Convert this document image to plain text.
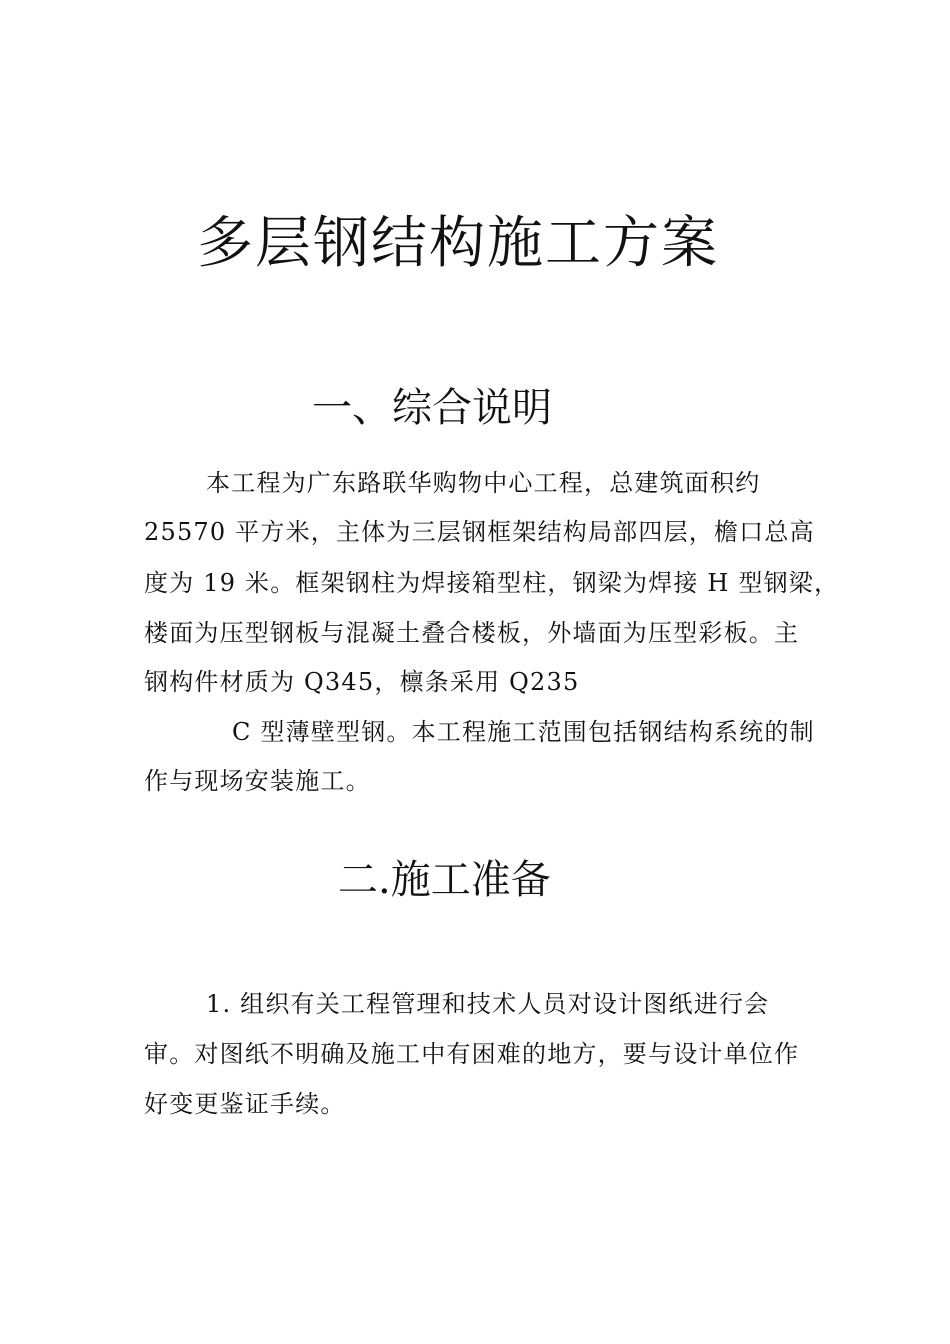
多层钢结构施工方案
一、综合说明
本工程为广东路联华购物中心工程，总建筑面积约
25570 平方米，主体为三层钢框架结构局部四层，檐口总高
度为 19 米。框架钢柱为焊接箱型柱，钢梁为焊接 H 型钢梁，
楼面为压型钢板与混凝土叠合楼板，外墙面为压型彩板。主
钢构件材质为 Q345，檩条采用 Q235
C 型薄壁型钢。本工程施工范围包括钢结构系统的制
作与现场安装施工。
二.施工准备
1. 组织有关工程管理和技术人员对设计图纸进行会
审。对图纸不明确及施工中有困难的地方，要与设计单位作
好变更鉴证手续。
